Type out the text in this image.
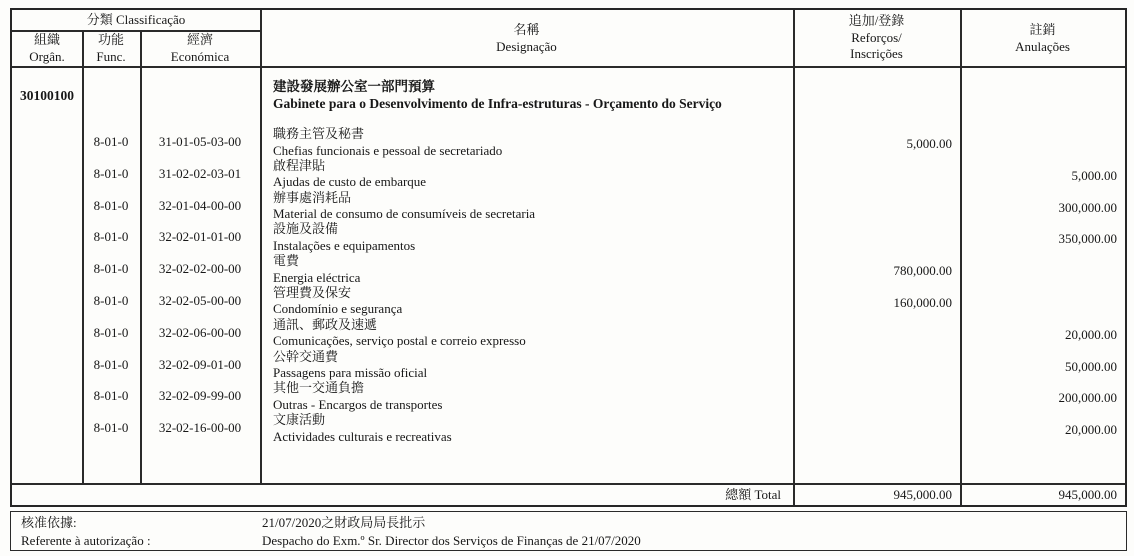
分類 Classificação
組織
Orgân.
功能
Func.
經濟
Económica
名稱
Designação
追加/登錄
Reforços/
Inscrições
註銷
Anulações
30100100
8-01-0
8-01-0
8-01-0
8-01-0
8-01-0
8-01-0
8-01-0
8-01-0
8-01-0
8-01-0
31-01-05-03-00
31-02-02-03-01
32-01-04-00-00
32-02-01-01-00
32-02-02-00-00
32-02-05-00-00
32-02-06-00-00
32-02-09-01-00
32-02-09-99-00
32-02-16-00-00
建設發展辦公室一部門預算
Gabinete para o Desenvolvimento de Infra-estruturas - Orçamento do Serviço
職務主管及秘書
Chefias funcionais e pessoal de secretariado
啟程津貼
Ajudas de custo de embarque
辦事處消耗品
Material de consumo de consumíveis de secretaria
設施及設備
Instalações e equipamentos
電費
Energia eléctrica
管理費及保安
Condomínio e segurança
通訊、郵政及速遞
Comunicações, serviço postal e correio expresso
公幹交通費
Passagens para missão oficial
其他一交通負擔
Outras - Encargos de transportes
文康活動
Actividades culturais e recreativas
5,000.00
780,000.00
160,000.00
5,000.00
300,000.00
350,000.00
20,000.00
50,000.00
200,000.00
20,000.00
總額 Total	945,000.00	945,000.00
核准依據:
Referente à autorização :
21/07/2020之財政局局長批示
Despacho do Exm.º Sr. Director dos Serviços de Finanças de 21/07/2020
